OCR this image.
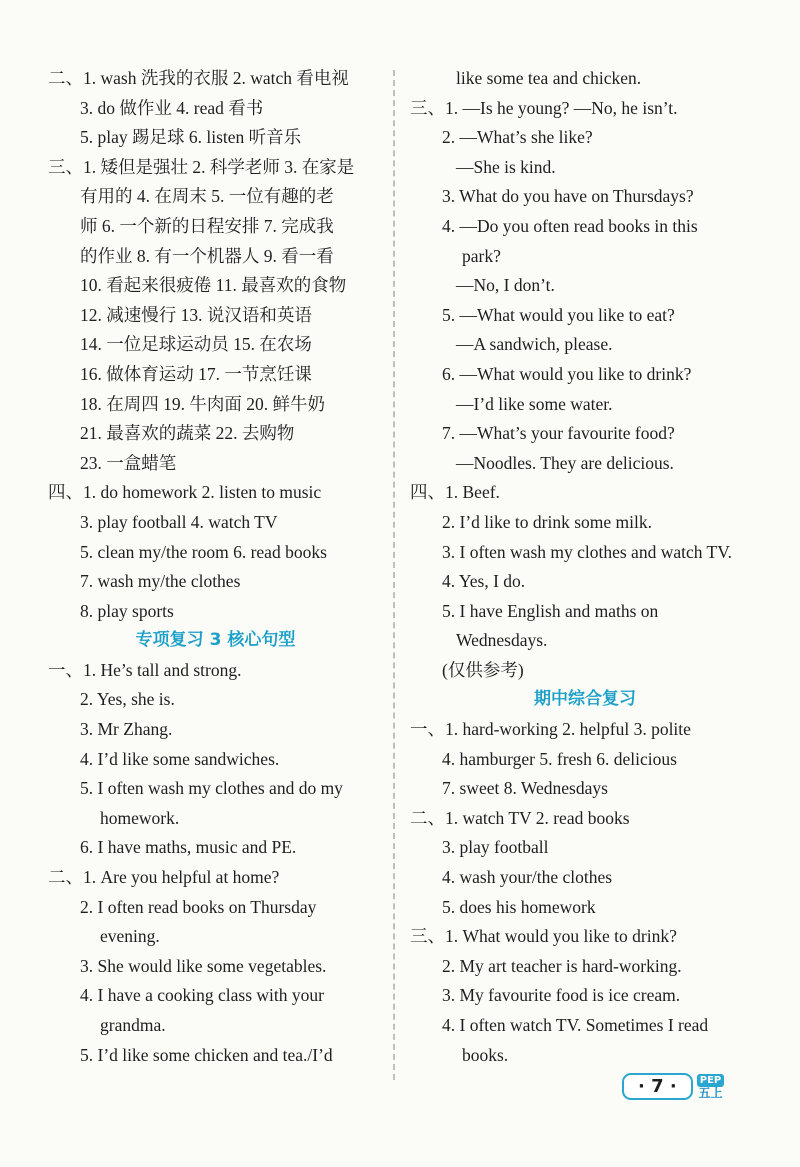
二、1. wash 洗我的衣服 2. watch 看电视
3. do 做作业 4. read 看书
5. play 踢足球 6. listen 听音乐
三、1. 矮但是强壮 2. 科学老师 3. 在家是
有用的 4. 在周末 5. 一位有趣的老
师 6. 一个新的日程安排 7. 完成我
的作业 8. 有一个机器人 9. 看一看
10. 看起来很疲倦 11. 最喜欢的食物
12. 减速慢行 13. 说汉语和英语
14. 一位足球运动员 15. 在农场
16. 做体育运动 17. 一节烹饪课
18. 在周四 19. 牛肉面 20. 鲜牛奶
21. 最喜欢的蔬菜 22. 去购物
23. 一盒蜡笔
四、1. do homework 2. listen to music
3. play football 4. watch TV
5. clean my/the room 6. read books
7. wash my/the clothes
8. play sports
专项复习 3 核心句型
一、1. He’s tall and strong.
2. Yes, she is.
3. Mr Zhang.
4. I’d like some sandwiches.
5. I often wash my clothes and do my
homework.
6. I have maths, music and PE.
二、1. Are you helpful at home?
2. I often read books on Thursday
evening.
3. She would like some vegetables.
4. I have a cooking class with your
grandma.
5. I’d like some chicken and tea./I’d
like some tea and chicken.
三、1. —Is he young? —No, he isn’t.
2. —What’s she like?
—She is kind.
3. What do you have on Thursdays?
4. —Do you often read books in this
park?
—No, I don’t.
5. —What would you like to eat?
—A sandwich, please.
6. —What would you like to drink?
—I’d like some water.
7. —What’s your favourite food?
—Noodles. They are delicious.
四、1. Beef.
2. I’d like to drink some milk.
3. I often wash my clothes and watch TV.
4. Yes, I do.
5. I have English and maths on
Wednesdays.
(仅供参考)
期中综合复习
一、1. hard-working 2. helpful 3. polite
4. hamburger 5. fresh 6. delicious
7. sweet 8. Wednesdays
二、1. watch TV 2. read books
3. play football
4. wash your/the clothes
5. does his homework
三、1. What would you like to drink?
2. My art teacher is hard-working.
3. My favourite food is ice cream.
4. I often watch TV. Sometimes I read
books.
· 7 ·	PEP
五上
